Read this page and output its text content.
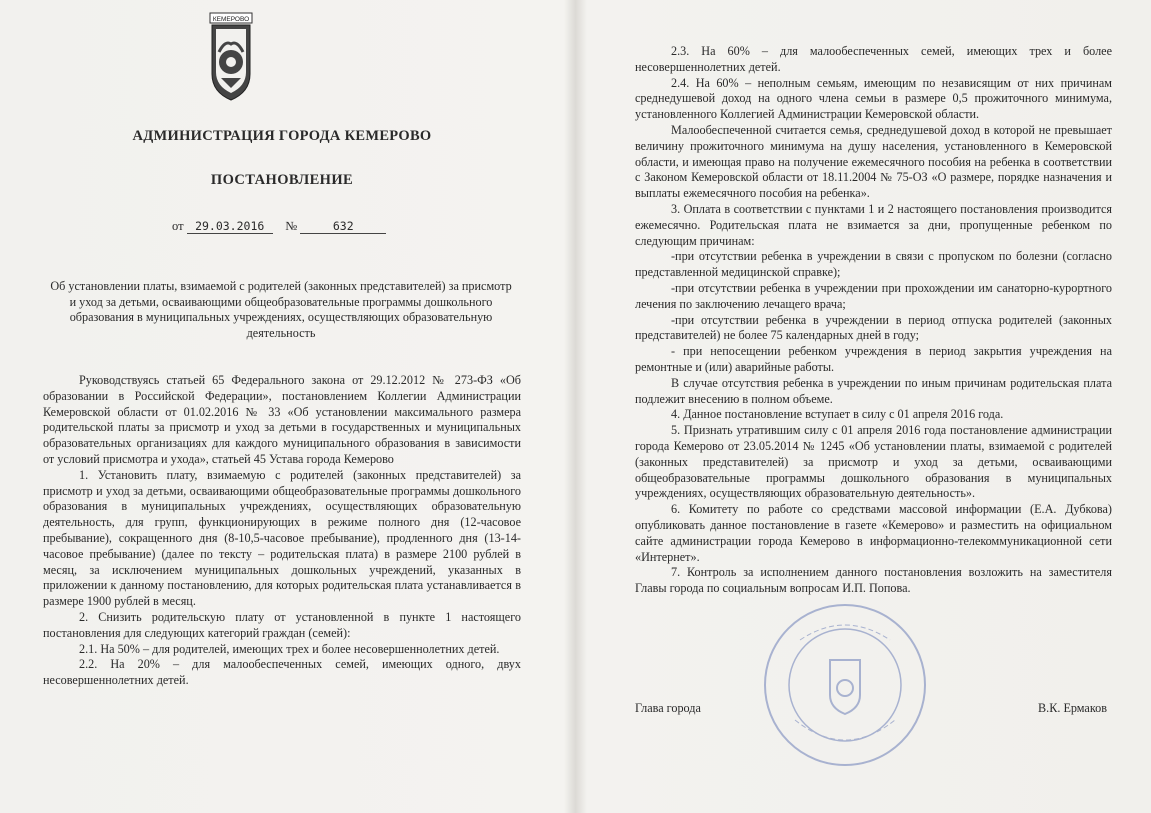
КЕМЕРОВО
АДМИНИСТРАЦИЯ ГОРОДА КЕМЕРОВО
ПОСТАНОВЛЕНИЕ
от 29.03.2016 №	632
Об установлении платы, взимаемой с родителей (законных представителей) за присмотр и уход за детьми, осваивающими общеобразовательные программы дошкольного образования в муниципальных учреждениях, осуществляющих образовательную деятельность

Руководствуясь статьей 65 Федерального закона от 29.12.2012 № 273-ФЗ «Об образовании в Российской Федерации», постановлением Коллегии Администрации Кемеровской области от 01.02.2016 № 33 «Об установлении максимального размера родительской платы за присмотр и уход за детьми в государственных и муниципальных образовательных организациях для каждого муниципального образования в зависимости от условий присмотра и ухода», статьей 45 Устава города Кемерово

1. Установить плату, взимаемую с родителей (законных представителей) за присмотр и уход за детьми, осваивающими общеобразовательные программы дошкольного образования в муниципальных учреждениях, осуществляющих образовательную деятельность, для групп, функционирующих в режиме полного дня (12-часовое пребывание), сокращенного дня (8-10,5-часовое пребывание), продленного дня (13-14-часовое пребывание) (далее по тексту – родительская плата) в размере 2100 рублей в месяц, за исключением муниципальных дошкольных учреждений, указанных в приложении к данному постановлению, для которых родительская плата устанавливается в размере 1900 рублей в месяц.

2. Снизить родительскую плату от установленной в пункте 1 настоящего постановления для следующих категорий граждан (семей):

2.1. На 50% – для родителей, имеющих трех и более несовершеннолетних детей.

2.2. На 20% – для малообеспеченных семей, имеющих одного, двух несовершеннолетних детей.

2.3. На 60% – для малообеспеченных семей, имеющих трех и более несовершеннолетних детей.

2.4. На 60% – неполным семьям, имеющим по независящим от них причинам среднедушевой доход на одного члена семьи в размере 0,5 прожиточного минимума, установленного Коллегией Администрации Кемеровской области.

Малообеспеченной считается семья, среднедушевой доход в которой не превышает величину прожиточного минимума на душу населения, установленного в Кемеровской области, и имеющая право на получение ежемесячного пособия на ребенка в соответствии с Законом Кемеровской области от 18.11.2004 № 75-ОЗ «О размере, порядке назначения и выплаты ежемесячного пособия на ребенка».

3. Оплата в соответствии с пунктами 1 и 2 настоящего постановления производится ежемесячно. Родительская плата не взимается за дни, пропущенные ребенком по следующим причинам:

-при отсутствии ребенка в учреждении в связи с пропуском по болезни (согласно представленной медицинской справке);

-при отсутствии ребенка в учреждении при прохождении им санаторно-курортного лечения по заключению лечащего врача;

-при отсутствии ребенка в учреждении в период отпуска родителей (законных представителей) не более 75 календарных дней в году;

- при непосещении ребенком учреждения в период закрытия учреждения на ремонтные и (или) аварийные работы.

В случае отсутствия ребенка в учреждении по иным причинам родительская плата подлежит внесению в полном объеме.

4. Данное постановление вступает в силу с 01 апреля 2016 года.

5. Признать утратившим силу с 01 апреля 2016 года постановление администрации города Кемерово от 23.05.2014 № 1245 «Об установлении платы, взимаемой с родителей (законных представителей) за присмотр и уход за детьми, осваивающими общеобразовательные программы дошкольного образования в муниципальных учреждениях, осуществляющих образовательную деятельность».

6. Комитету по работе со средствами массовой информации (Е.А. Дубкова) опубликовать данное постановление в газете «Кемерово» и разместить на официальном сайте администрации города Кемерово в информационно-телекоммуникационной сети «Интернет».

7. Контроль за исполнением данного постановления возложить на заместителя Главы города по социальным вопросам И.П. Попова.

Глава города	В.К. Ермаков
